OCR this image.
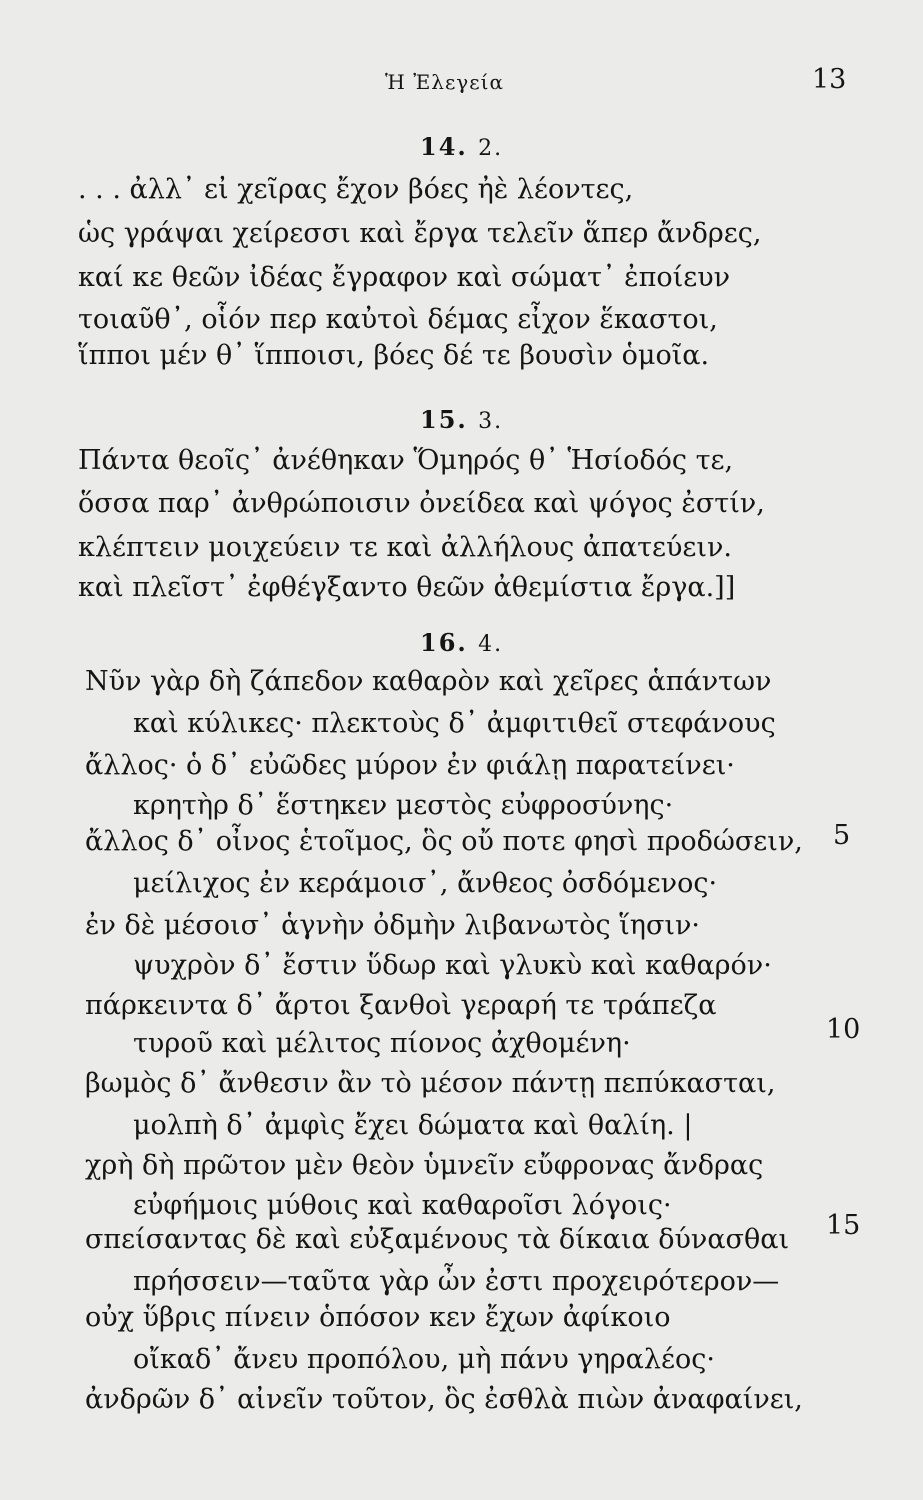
Ἡ Ἐλεγεία	13
14. 2.
. . . ἀλλ᾽ εἰ χεῖρας ἔχον βόες ἠὲ λέοντες,
ὡς γράψαι χείρεσσι καὶ ἔργα τελεῖν ἅπερ ἄνδρες,
καί κε θεῶν ἰδέας ἔγραφον καὶ σώματ᾽ ἐποίευν
τοιαῦθ᾽, οἷόν περ καὐτοὶ δέμας εἶχον ἕκαστοι,
ἵπποι μέν θ᾽ ἵπποισι, βόες δέ τε βουσὶν ὁμοῖα.
15. 3.
Πάντα θεοῖς᾽ ἀνέθηκαν Ὅμηρός θ᾽ Ἡσίοδός τε,
ὅσσα παρ᾽ ἀνθρώποισιν ὀνείδεα καὶ ψόγος ἐστίν,
κλέπτειν μοιχεύειν τε καὶ ἀλλήλους ἀπατεύειν.
καὶ πλεῖστ᾽ ἐφθέγξαντο θεῶν ἀθεμίστια ἔργα.]]
16. 4.
Νῦν γὰρ δὴ ζάπεδον καθαρὸν καὶ χεῖρες ἁπάντων
καὶ κύλικες· πλεκτοὺς δ᾽ ἀμφιτιθεῖ στεφάνους
ἄλλος· ὁ δ᾽ εὐῶδες μύρον ἐν φιάλῃ παρατείνει·
κρητὴρ δ᾽ ἕστηκεν μεστὸς εὐφροσύνης·
ἄλλος δ᾽ οἶνος ἑτοῖμος, ὃς οὔ ποτε φησὶ προδώσειν,
μείλιχος ἐν κεράμοισ᾽, ἄνθεος ὀσδόμενος·
ἐν δὲ μέσοισ᾽ ἁγνὴν ὀδμὴν λιβανωτὸς ἵησιν·
ψυχρὸν δ᾽ ἔστιν ὕδωρ καὶ γλυκὺ καὶ καθαρόν·
πάρκειντα δ᾽ ἄρτοι ξανθοὶ γεραρή τε τράπεζα
τυροῦ καὶ μέλιτος πίονος ἀχθομένη·
βωμὸς δ᾽ ἄνθεσιν ἂν τὸ μέσον πάντῃ πεπύκασται,
μολπὴ δ᾽ ἀμφὶς ἔχει δώματα καὶ θαλίη. |
χρὴ δὴ πρῶτον μὲν θεὸν ὑμνεῖν εὔφρονας ἄνδρας
εὐφήμοις μύθοις καὶ καθαροῖσι λόγοις·
σπείσαντας δὲ καὶ εὐξαμένους τὰ δίκαια δύνασθαι
πρήσσειν—ταῦτα γὰρ ὦν ἐστι προχειρότερον—
οὐχ ὕβρις πίνειν ὁπόσον κεν ἔχων ἀφίκοιο
οἴκαδ᾽ ἄνευ προπόλου, μὴ πάνυ γηραλέος·
ἀνδρῶν δ᾽ αἰνεῖν τοῦτον, ὃς ἐσθλὰ πιὼν ἀναφαίνει,
5
10
15
